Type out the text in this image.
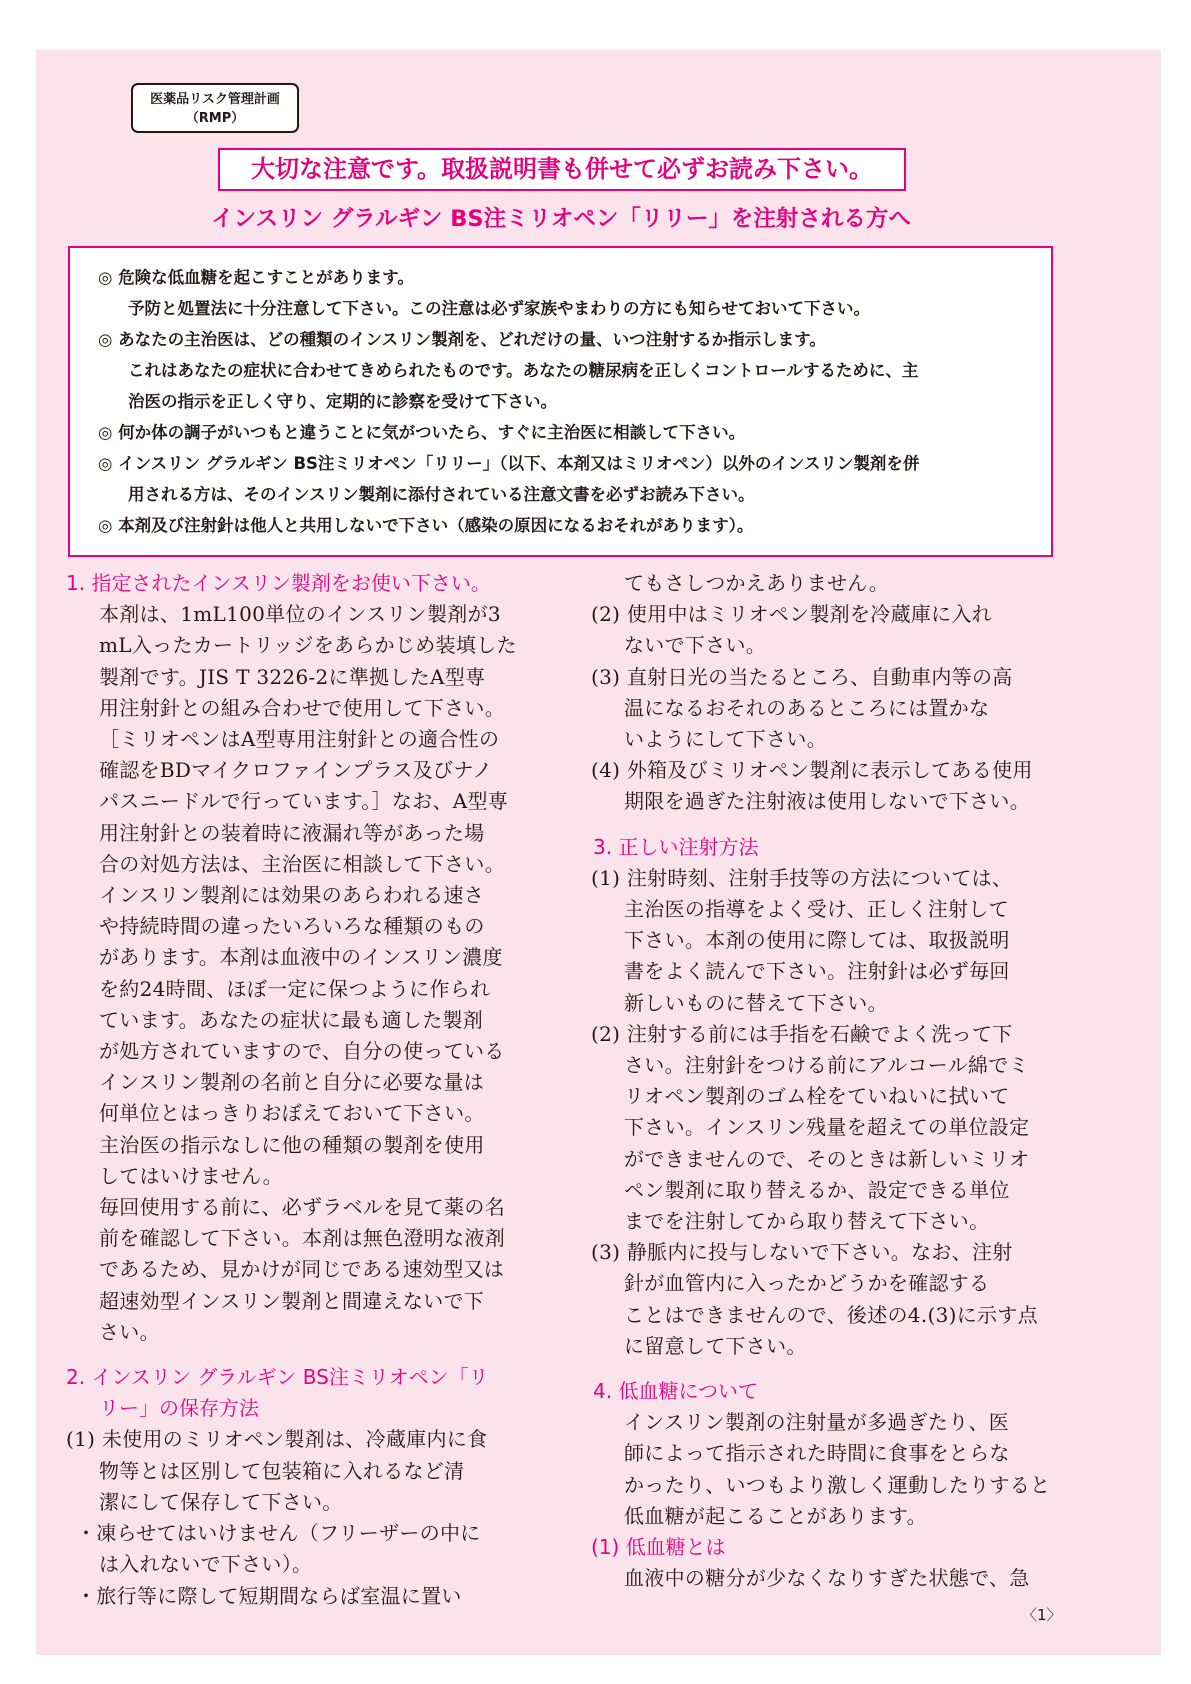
医薬品リスク管理計画
（RMP）
大切な注意です。取扱説明書も併せて必ずお読み下さい。
インスリン グラルギン BS注ミリオペン「リリー」を注射される方へ
◎ 危険な低血糖を起こすことがあります。
予防と処置法に十分注意して下さい。この注意は必ず家族やまわりの方にも知らせておいて下さい。
◎ あなたの主治医は、どの種類のインスリン製剤を、どれだけの量、いつ注射するか指示します。
これはあなたの症状に合わせてきめられたものです。あなたの糖尿病を正しくコントロールするために、主
治医の指示を正しく守り、定期的に診察を受けて下さい。
◎ 何か体の調子がいつもと違うことに気がついたら、すぐに主治医に相談して下さい。
◎ インスリン グラルギン BS注ミリオペン「リリー」（以下、本剤又はミリオペン）以外のインスリン製剤を併
用される方は、そのインスリン製剤に添付されている注意文書を必ずお読み下さい。
◎ 本剤及び注射針は他人と共用しないで下さい（感染の原因になるおそれがあります）。
1. 指定されたインスリン製剤をお使い下さい。
本剤は、1mL100単位のインスリン製剤が3
mL入ったカートリッジをあらかじめ装填した
製剤です。JIS T 3226-2に準拠したA型専
用注射針との組み合わせで使用して下さい。
［ミリオペンはA型専用注射針との適合性の
確認をBDマイクロファインプラス及びナノ
パスニードルで行っています。］なお、A型専
用注射針との装着時に液漏れ等があった場
合の対処方法は、主治医に相談して下さい。
インスリン製剤には効果のあらわれる速さ
や持続時間の違ったいろいろな種類のもの
があります。本剤は血液中のインスリン濃度
を約24時間、ほぼ一定に保つように作られ
ています。あなたの症状に最も適した製剤
が処方されていますので、自分の使っている
インスリン製剤の名前と自分に必要な量は
何単位とはっきりおぼえておいて下さい。
主治医の指示なしに他の種類の製剤を使用
してはいけません。
毎回使用する前に、必ずラベルを見て薬の名
前を確認して下さい。本剤は無色澄明な液剤
であるため、見かけが同じである速効型又は
超速効型インスリン製剤と間違えないで下
さい。
2. インスリン グラルギン BS注ミリオペン「リ
リー」の保存方法
(1) 未使用のミリオペン製剤は、冷蔵庫内に食
物等とは区別して包装箱に入れるなど清
潔にして保存して下さい。
・凍らせてはいけません（フリーザーの中に
は入れないで下さい）。
・旅行等に際して短期間ならば室温に置い
てもさしつかえありません。
(2) 使用中はミリオペン製剤を冷蔵庫に入れ
ないで下さい。
(3) 直射日光の当たるところ、自動車内等の高
温になるおそれのあるところには置かな
いようにして下さい。
(4) 外箱及びミリオペン製剤に表示してある使用
期限を過ぎた注射液は使用しないで下さい。
3. 正しい注射方法
(1) 注射時刻、注射手技等の方法については、
主治医の指導をよく受け、正しく注射して
下さい。本剤の使用に際しては、取扱説明
書をよく読んで下さい。注射針は必ず毎回
新しいものに替えて下さい。
(2) 注射する前には手指を石鹸でよく洗って下
さい。注射針をつける前にアルコール綿でミ
リオペン製剤のゴム栓をていねいに拭いて
下さい。インスリン残量を超えての単位設定
ができませんので、そのときは新しいミリオ
ペン製剤に取り替えるか、設定できる単位
までを注射してから取り替えて下さい。
(3) 静脈内に投与しないで下さい。なお、注射
針が血管内に入ったかどうかを確認する
ことはできませんので、後述の4.(3)に示す点
に留意して下さい。
4. 低血糖について
インスリン製剤の注射量が多過ぎたり、医
師によって指示された時間に食事をとらな
かったり、いつもより激しく運動したりすると
低血糖が起こることがあります。
(1) 低血糖とは
血液中の糖分が少なくなりすぎた状態で、急
〈1〉
